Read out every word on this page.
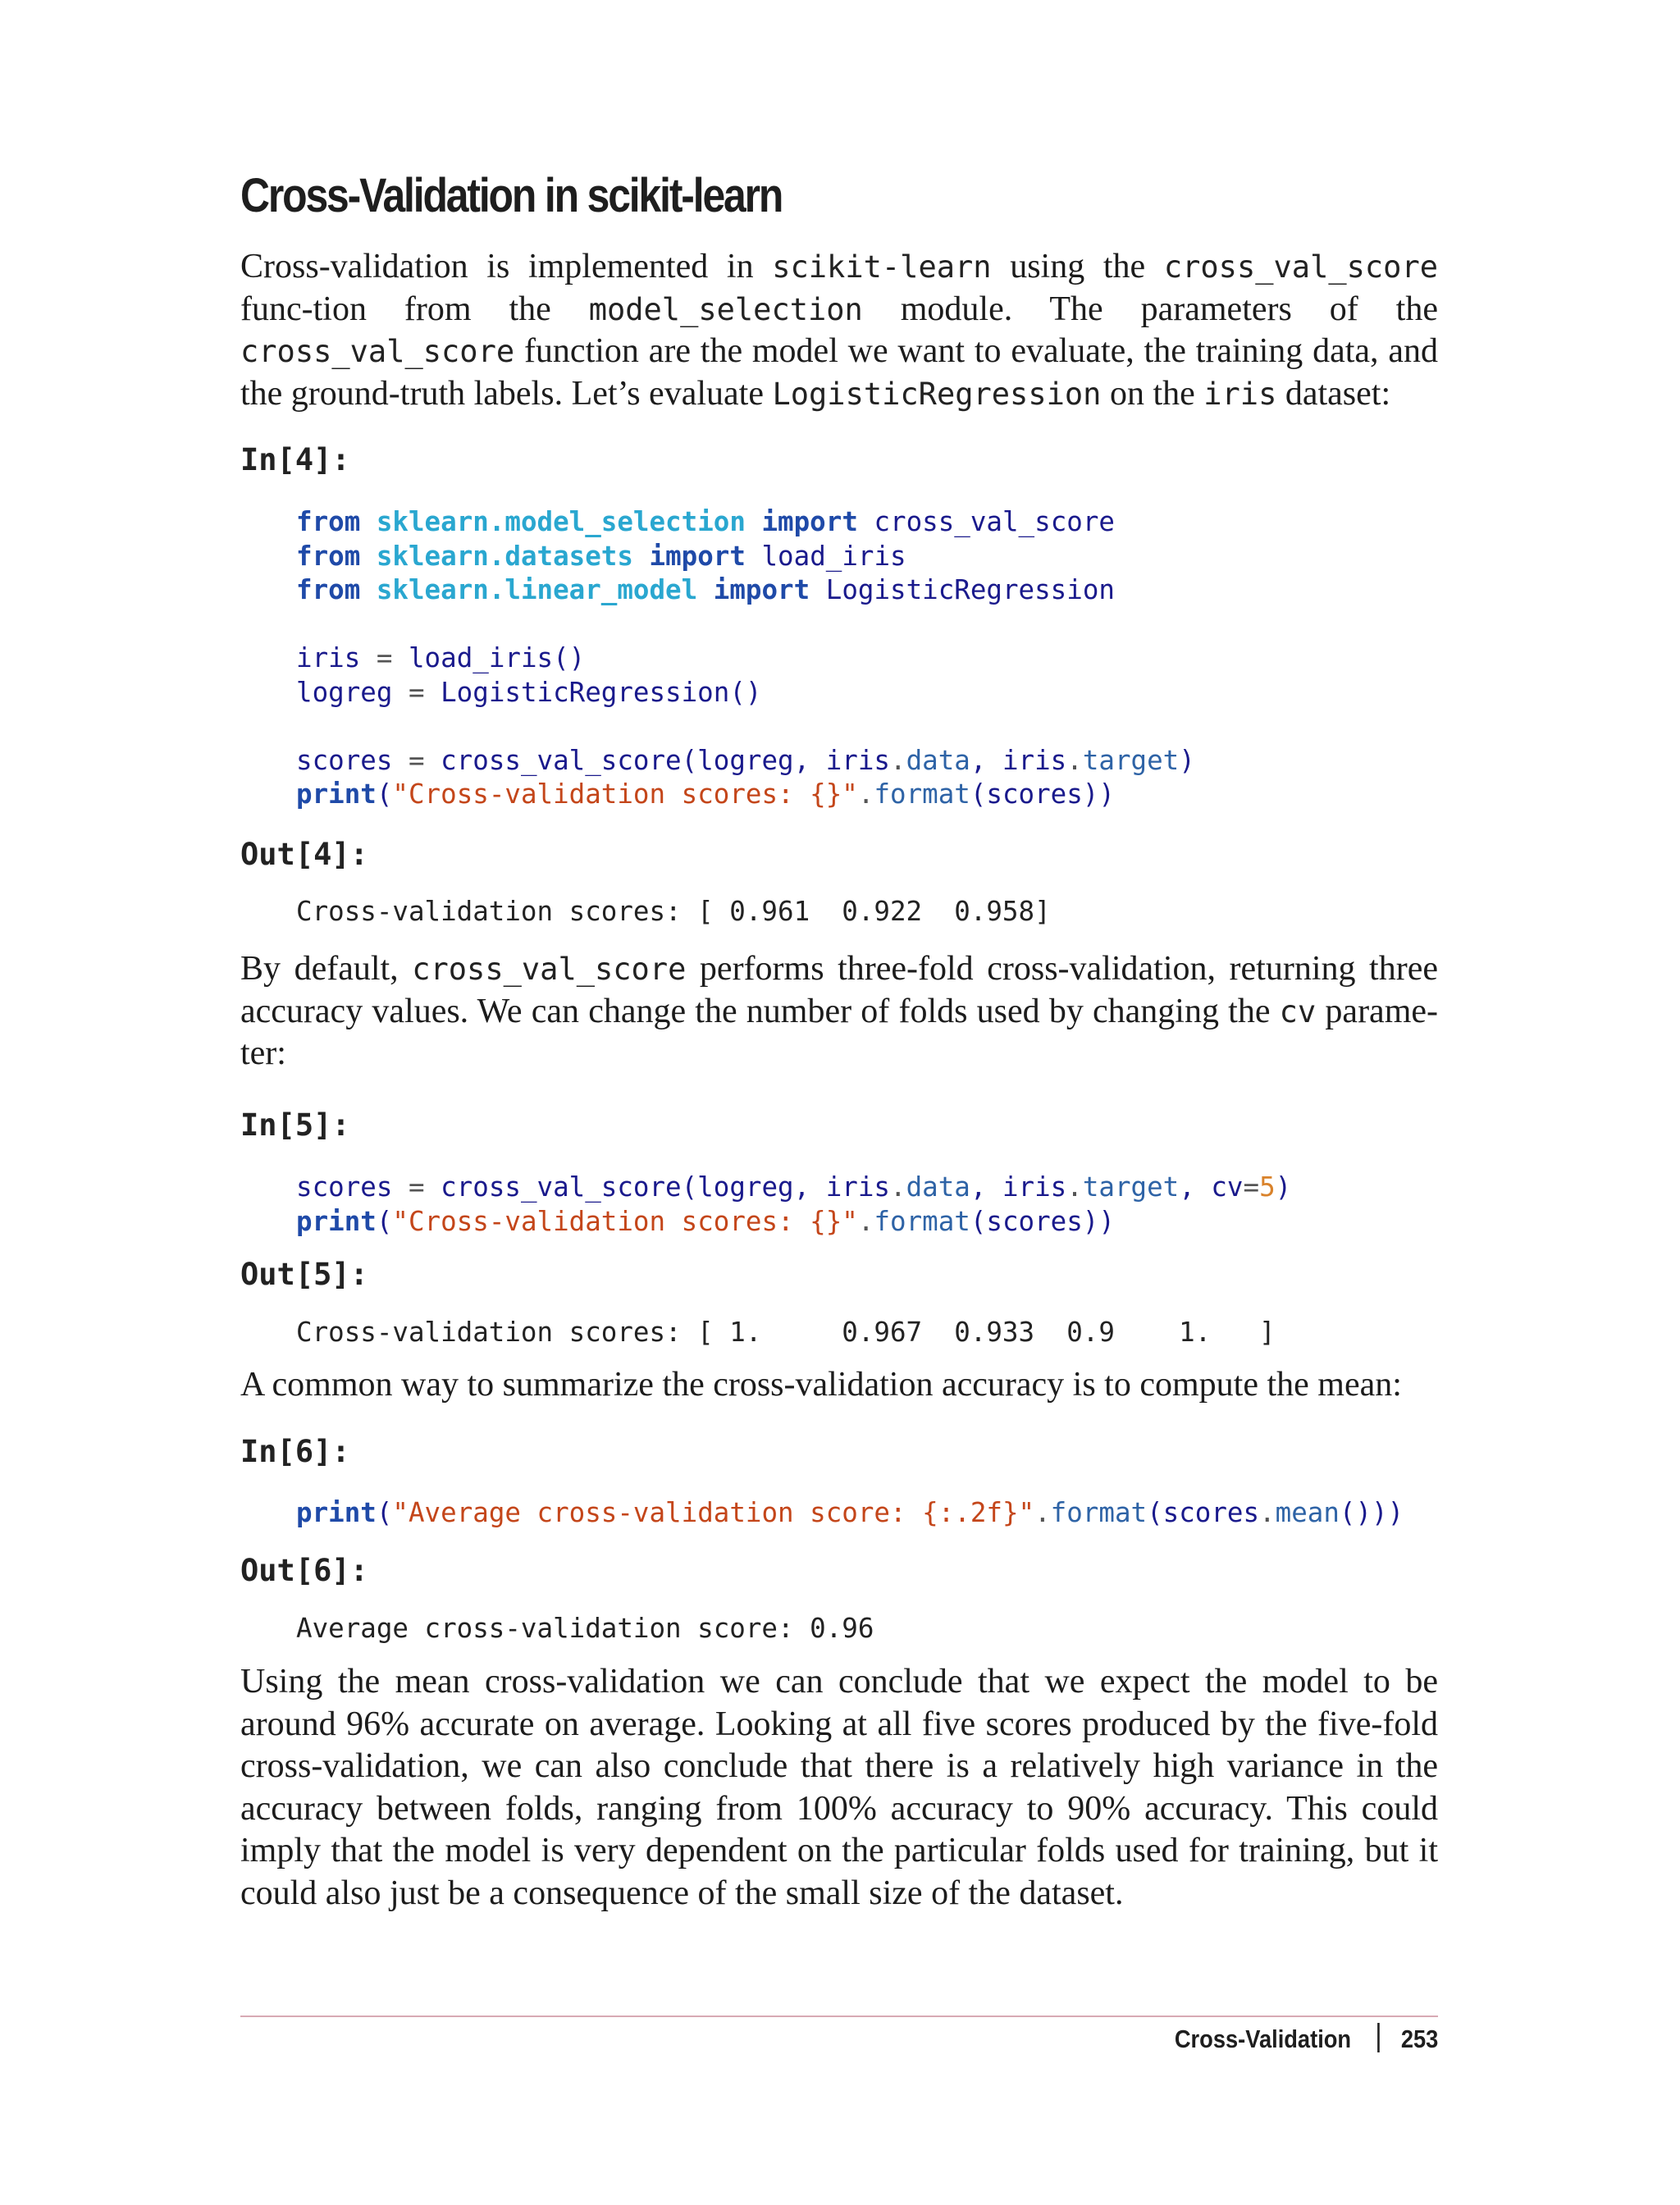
Cross-Validation in scikit-learn

Cross-validation is implemented in scikit-learn using the cross_val_score func-tion from the model_selection module. The parameters of the cross_val_score function are the model we want to evaluate, the training data, and the ground-truth labels. Let’s evaluate LogisticRegression on the iris dataset:

In[4]:
from sklearn.model_selection import cross_val_score
from sklearn.datasets import load_iris
from sklearn.linear_model import LogisticRegression

iris = load_iris()
logreg = LogisticRegression()

scores = cross_val_score(logreg, iris.data, iris.target)
print("Cross-validation scores: {}".format(scores))
Out[4]:
Cross-validation scores: [ 0.961  0.922  0.958]

By default, cross_val_score performs three-fold cross-validation, returning three accuracy values. We can change the number of folds used by changing the cv parame-ter:

In[5]:
scores = cross_val_score(logreg, iris.data, iris.target, cv=5)
print("Cross-validation scores: {}".format(scores))
Out[5]:
Cross-validation scores: [ 1.     0.967  0.933  0.9    1.   ]

A common way to summarize the cross-validation accuracy is to compute the mean:

In[6]:
print("Average cross-validation score: {:.2f}".format(scores.mean()))
Out[6]:
Average cross-validation score: 0.96

Using the mean cross-validation we can conclude that we expect the model to be around 96% accurate on average. Looking at all five scores produced by the five-fold cross-validation, we can also conclude that there is a relatively high variance in the accuracy between folds, ranging from 100% accuracy to 90% accuracy. This could imply that the model is very dependent on the particular folds used for training, but it could also just be a consequence of the small size of the dataset.

Cross-Validation 253
